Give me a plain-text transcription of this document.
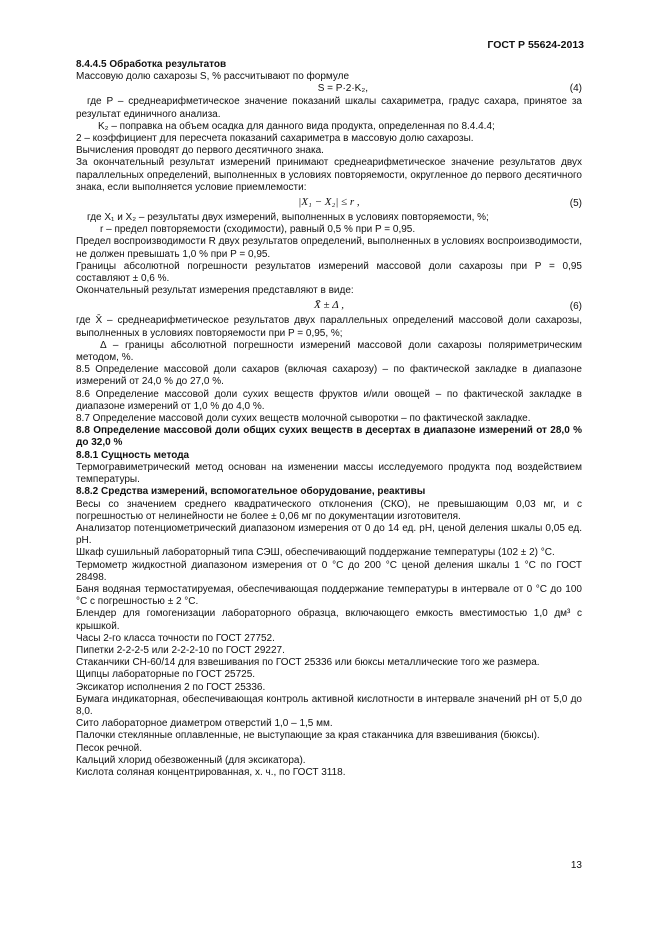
ГОСТ Р 55624-2013

8.4.4.5 Обработка результатов

Массовую долю сахарозы S, % рассчитывают по формуле

S = P·2·K₂,	(4)

где P – среднеарифметическое значение показаний шкалы сахариметра, градус сахара, принятое за результат единичного анализа.

K₂ – поправка на объем осадка для данного вида продукта, определенная по 8.4.4.4;

2 – коэффициент для пересчета показаний сахариметра в массовую долю сахарозы.

Вычисления проводят до первого десятичного знака.

За окончательный результат измерений принимают среднеарифметическое значение результатов двух параллельных определений, выполненных в условиях повторяемости, округленное до первого десятичного знака, если выполняется условие приемлемости:

|X₁ − X₂| ≤ r ,	(5)

где X₁ и X₂ – результаты двух измерений, выполненных в условиях повторяемости, %;

r – предел повторяемости (сходимости), равный 0,5 % при P = 0,95.

Предел воспроизводимости R двух результатов определений, выполненных в условиях воспроизводимости, не должен превышать 1,0 % при P = 0,95.

Границы абсолютной погрешности результатов измерений массовой доли сахарозы при P = 0,95 составляют ± 0,6 %.

Окончательный результат измерения представляют в виде:

X̄ ± Δ ,	(6)

где X̄ – среднеарифметическое результатов двух параллельных определений массовой доли сахарозы, выполненных в условиях повторяемости при P = 0,95, %;

Δ – границы абсолютной погрешности измерений массовой доли сахарозы поляриметрическим методом, %.

8.5 Определение массовой доли сахаров (включая сахарозу) – по фактической закладке в диапазоне измерений от 24,0 % до 27,0 %.

8.6 Определение массовой доли сухих веществ фруктов и/или овощей – по фактической закладке в диапазоне измерений от 1,0 % до 4,0 %.

8.7 Определение массовой доли сухих веществ молочной сыворотки – по фактической закладке.

8.8 Определение массовой доли общих сухих веществ в десертах в диапазоне измерений от 28,0 % до 32,0 %

8.8.1 Сущность метода

Термогравиметрический метод основан на изменении массы исследуемого продукта под воздействием температуры.

8.8.2 Средства измерений, вспомогательное оборудование, реактивы

Весы со значением среднего квадратического отклонения (СКО), не превышающим 0,03 мг, и с погрешностью от нелинейности не более ± 0,06 мг по документации изготовителя.

Анализатор потенциометрический диапазоном измерения от 0 до 14 ед. рН, ценой деления шкалы 0,05 ед. рН.

Шкаф сушильный лабораторный типа СЭШ, обеспечивающий поддержание температуры (102 ± 2) °С.

Термометр жидкостной диапазоном измерения от 0 °С до 200 °С ценой деления шкалы 1 °С по ГОСТ 28498.

Баня водяная термостатируемая, обеспечивающая поддержание температуры в интервале от 0 °С до 100 °С с погрешностью ± 2 °С.

Блендер для гомогенизации лабораторного образца, включающего емкость вместимостью 1,0 дм³ с крышкой.

Часы 2-го класса точности по ГОСТ 27752.

Пипетки 2-2-2-5 или 2-2-2-10 по ГОСТ 29227.

Стаканчики СН-60/14 для взвешивания по ГОСТ 25336 или бюксы металлические того же размера.

Щипцы лабораторные по ГОСТ 25725.

Эксикатор исполнения 2 по ГОСТ 25336.

Бумага индикаторная, обеспечивающая контроль активной кислотности в интервале значений рН от 5,0 до 8,0.

Сито лабораторное диаметром отверстий 1,0 – 1,5 мм.

Палочки стеклянные оплавленные, не выступающие за края стаканчика для взвешивания (бюксы).

Песок речной.

Кальций хлорид обезвоженный (для эксикатора).

Кислота соляная концентрированная, х. ч., по ГОСТ 3118.

13
